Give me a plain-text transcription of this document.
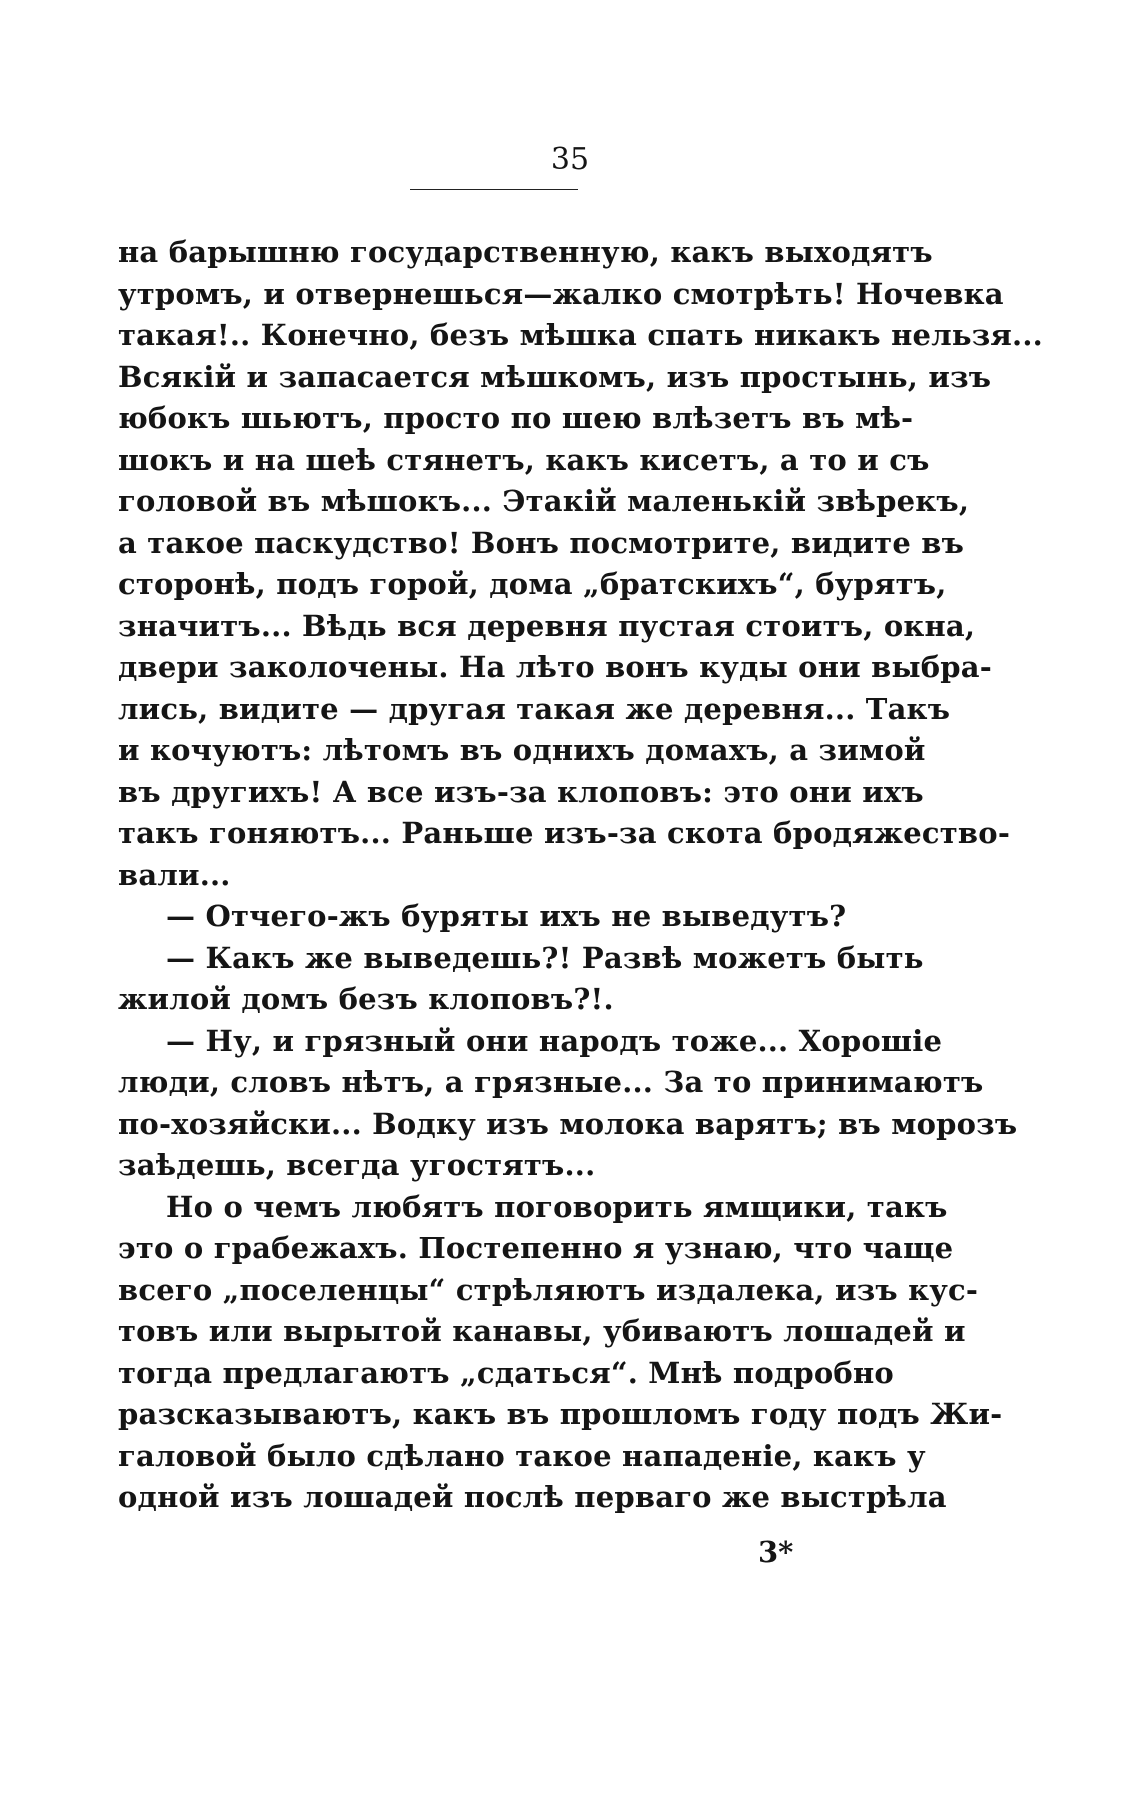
35
на барышню государственную, какъ выходятъ
утромъ, и отвернешься—жалко смотрѣть! Ночевка
такая!.. Конечно, безъ мѣшка спать никакъ нельзя...
Всякій и запасается мѣшкомъ, изъ простынь, изъ
юбокъ шьютъ, просто по шею влѣзетъ въ мѣ-
шокъ и на шеѣ стянетъ, какъ кисетъ, а то и съ
головой въ мѣшокъ... Этакій маленькій звѣрекъ,
а такое паскудство! Вонъ посмотрите, видите въ
сторонѣ, подъ горой, дома „братскихъ“, бурятъ,
значитъ... Вѣдь вся деревня пустая стоитъ, окна,
двери заколочены. На лѣто вонъ куды они выбра-
лись, видите — другая такая же деревня... Такъ
и кочуютъ: лѣтомъ въ однихъ домахъ, а зимой
въ другихъ! А все изъ-за клоповъ: это они ихъ
такъ гоняютъ... Раньше изъ-за скота бродяжество-
вали...
— Отчего-жъ буряты ихъ не выведутъ?
— Какъ же выведешь?! Развѣ можетъ быть
жилой домъ безъ клоповъ?!.
— Ну, и грязный они народъ тоже... Хорошіе
люди, словъ нѣтъ, а грязные... За то принимаютъ
по-хозяйски... Водку изъ молока варятъ; въ морозъ
заѣдешь, всегда угостятъ...
Но о чемъ любятъ поговорить ямщики, такъ
это о грабежахъ. Постепенно я узнаю, что чаще
всего „поселенцы“ стрѣляютъ издалека, изъ кус-
товъ или вырытой канавы, убиваютъ лошадей и
тогда предлагаютъ „сдаться“. Мнѣ подробно
разсказываютъ, какъ въ прошломъ году подъ Жи-
галовой было сдѣлано такое нападеніе, какъ у
одной изъ лошадей послѣ перваго же выстрѣла
3*
